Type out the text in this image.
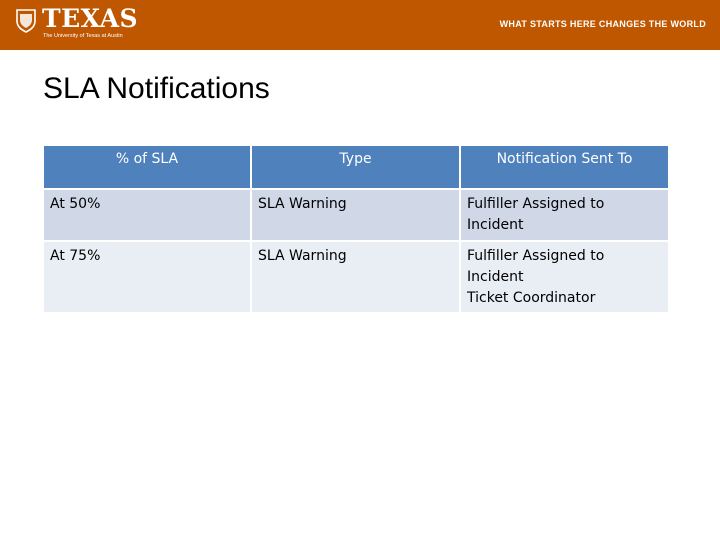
TEXAS
The University of Texas at Austin
WHAT STARTS HERE CHANGES THE WORLD
SLA Notifications
% of SLA	Type	Notification Sent To
At 50%	SLA Warning	Fulfiller Assigned to
Incident

At 75%	SLA Warning	Fulfiller Assigned to
Incident
Ticket Coordinator
